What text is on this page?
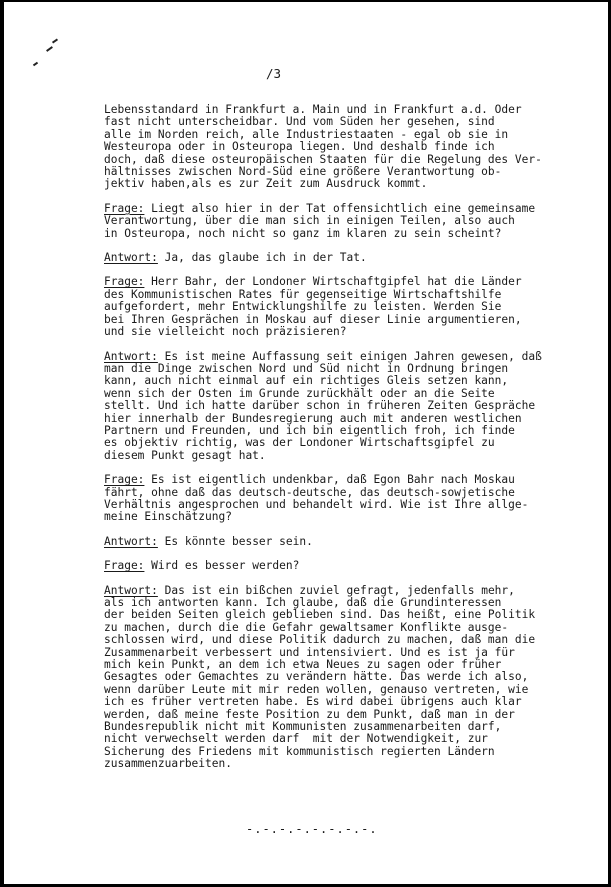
/3
Lebensstandard in Frankfurt a. Main und in Frankfurt a.d. Oder
fast nicht unterscheidbar. Und vom Süden her gesehen, sind
alle im Norden reich, alle Industriestaaten - egal ob sie in
Westeuropa oder in Osteuropa liegen. Und deshalb finde ich
doch, daß diese osteuropäischen Staaten für die Regelung des Ver-
hältnisses zwischen Nord-Süd eine größere Verantwortung ob-
jektiv haben,als es zur Zeit zum Ausdruck kommt.
Frage: Liegt also hier in der Tat offensichtlich eine gemeinsame
Verantwortung, über die man sich in einigen Teilen, also auch
in Osteuropa, noch nicht so ganz im klaren zu sein scheint?
Antwort: Ja, das glaube ich in der Tat.
Frage: Herr Bahr, der Londoner Wirtschaftgipfel hat die Länder
des Kommunistischen Rates für gegenseitige Wirtschaftshilfe
aufgefordert, mehr Entwicklungshilfe zu leisten. Werden Sie
bei Ihren Gesprächen in Moskau auf dieser Linie argumentieren,
und sie vielleicht noch präzisieren?
Antwort: Es ist meine Auffassung seit einigen Jahren gewesen, daß
man die Dinge zwischen Nord und Süd nicht in Ordnung bringen
kann, auch nicht einmal auf ein richtiges Gleis setzen kann,
wenn sich der Osten im Grunde zurückhält oder an die Seite
stellt. Und ich hatte darüber schon in früheren Zeiten Gespräche
hier innerhalb der Bundesregierung auch mit anderen westlichen
Partnern und Freunden, und ich bin eigentlich froh, ich finde
es objektiv richtig, was der Londoner Wirtschaftsgipfel zu
diesem Punkt gesagt hat.
Frage: Es ist eigentlich undenkbar, daß Egon Bahr nach Moskau
fährt, ohne daß das deutsch-deutsche, das deutsch-sowjetische
Verhältnis angesprochen und behandelt wird. Wie ist Ihre allge-
meine Einschätzung?
Antwort: Es könnte besser sein.
Frage: Wird es besser werden?
Antwort: Das ist ein bißchen zuviel gefragt, jedenfalls mehr,
als ich antworten kann. Ich glaube, daß die Grundinteressen
der beiden Seiten gleich geblieben sind. Das heißt, eine Politik
zu machen, durch die die Gefahr gewaltsamer Konflikte ausge-
schlossen wird, und diese Politik dadurch zu machen, daß man die
Zusammenarbeit verbessert und intensiviert. Und es ist ja für
mich kein Punkt, an dem ich etwa Neues zu sagen oder früher
Gesagtes oder Gemachtes zu verändern hätte. Das werde ich also,
wenn darüber Leute mit mir reden wollen, genauso vertreten, wie
ich es früher vertreten habe. Es wird dabei übrigens auch klar
werden, daß meine feste Position zu dem Punkt, daß man in der
Bundesrepublik nicht mit Kommunisten zusammenarbeiten darf,
nicht verwechselt werden darf  mit der Notwendigkeit, zur
Sicherung des Friedens mit kommunistisch regierten Ländern
zusammenzuarbeiten.
-.-.-.-.-.-.-.-.
